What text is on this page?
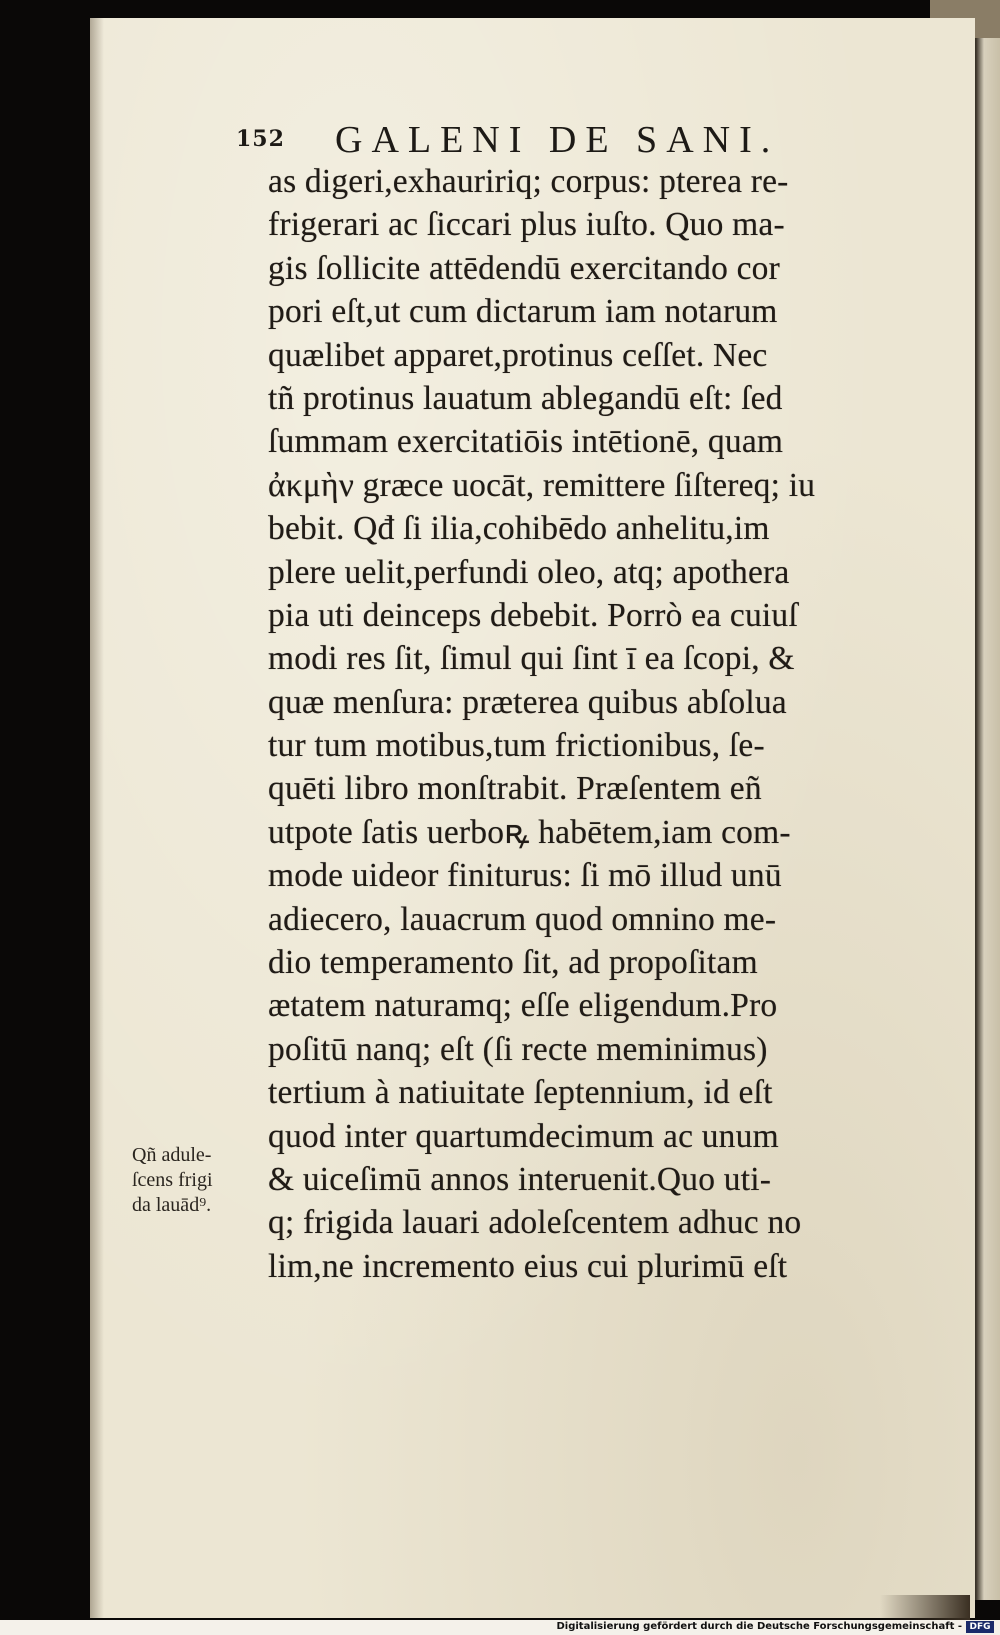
152 GALENI DE SANI.
as digeri,exhauririq; corpus: pterea re-
frigerari ac ſiccari plus iuſto. Quo ma-
gis ſollicite attēdendū exercitando cor
pori eſt,ut cum dictarum iam notarum
quælibet apparet,protinus ceſſet. Nec
tñ protinus lauatum ablegandū eſt: ſed
ſummam exercitatiōis intētionē, quam
ἀκμὴν græce uocāt, remittere ſiſtereq; iu
bebit. Qđ ſi ilia,cohibēdo anhelitu,im
plere uelit,perfundi oleo, atq; apothera
pia uti deinceps debebit. Porrò ea cuiuſ
modi res ſit, ſimul qui ſint ī ea ſcopi, &
quæ menſura: prætereа quibus abſolua
tur tum motibus,tum frictionibus, ſe-
quēti libro monſtrabit. Præſentem eñ
utpote ſatis uerboꝶ habētem,iam com-
mode uideor finiturus: ſi mō illud unū
adiecero, lauacrum quod omnino me-
dio temperamento ſit, ad propoſitam
ætatem naturamq; eſſe eligendum.Pro
poſitū nanq; eſt (ſi recte meminimus)
tertium à natiuitate ſeptennium, id eſt
quod inter quartumdecimum ac unum
& uiceſimū annos interuenit.Quo uti-
q; frigida lauari adoleſcentem adhuc no
lim,ne incremento eius cui plurimū eſt
Qñ adule-
ſcens frigi
da lauād⁹.
Digitalisierung gefördert durch die Deutsche Forschungsgemeinschaft - DFG
